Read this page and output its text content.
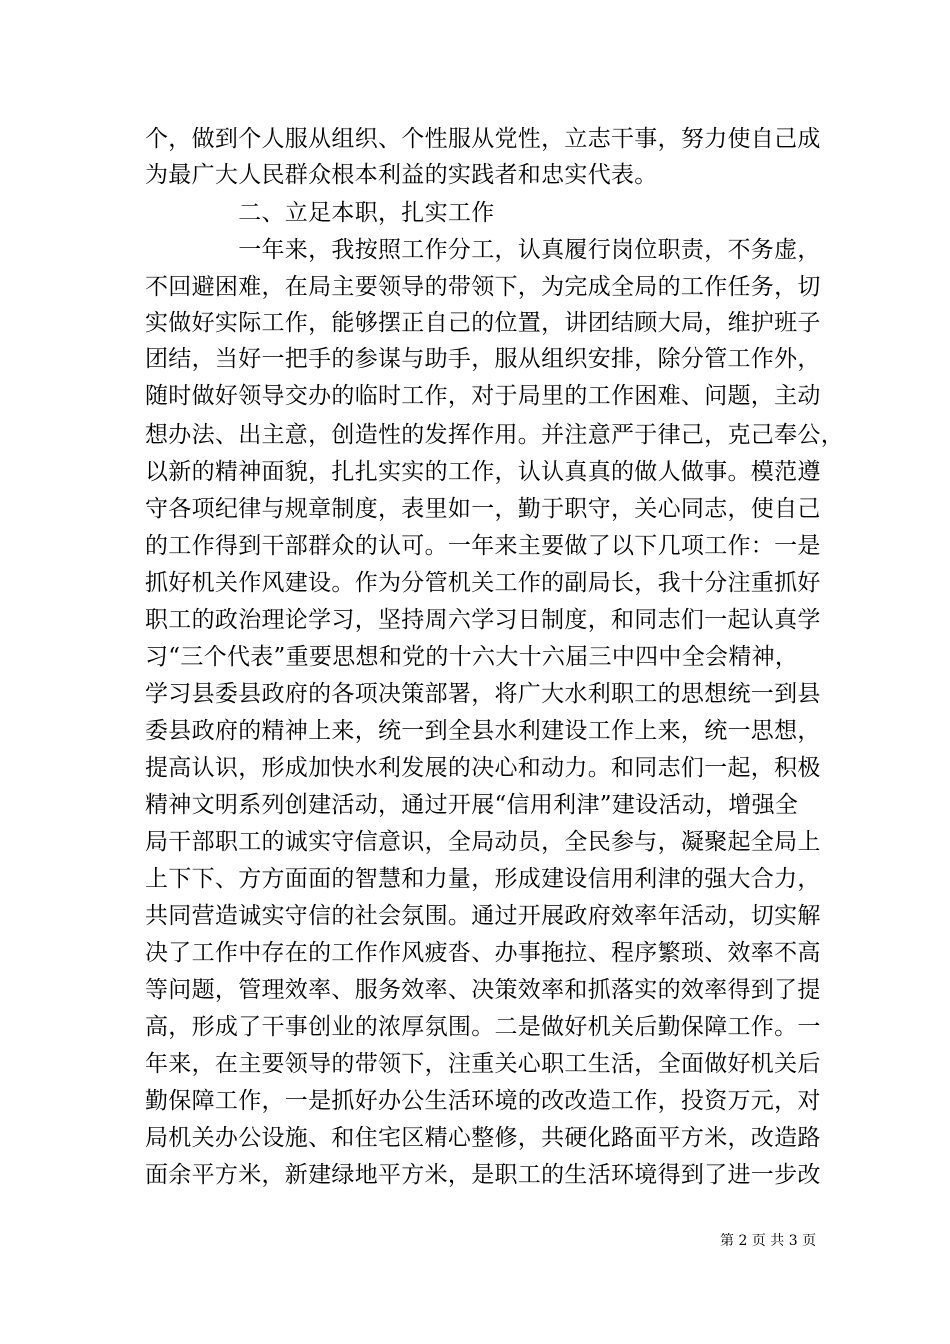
个，做到个人服从组织、个性服从党性，立志干事，努力使自己成
为最广大人民群众根本利益的实践者和忠实代表。
　　　　二、立足本职，扎实工作
　　　　一年来，我按照工作分工，认真履行岗位职责，不务虚，
不回避困难，在局主要领导的带领下，为完成全局的工作任务，切
实做好实际工作，能够摆正自己的位置，讲团结顾大局，维护班子
团结，当好一把手的参谋与助手，服从组织安排，除分管工作外，
随时做好领导交办的临时工作，对于局里的工作困难、问题，主动
想办法、出主意，创造性的发挥作用。并注意严于律己，克己奉公，
以新的精神面貌，扎扎实实的工作，认认真真的做人做事。模范遵
守各项纪律与规章制度，表里如一，勤于职守，关心同志，使自己
的工作得到干部群众的认可。一年来主要做了以下几项工作：一是
抓好机关作风建设。作为分管机关工作的副局长，我十分注重抓好
职工的政治理论学习，坚持周六学习日制度，和同志们一起认真学
习“三个代表”重要思想和党的十六大十六届三中四中全会精神，
学习县委县政府的各项决策部署，将广大水利职工的思想统一到县
委县政府的精神上来，统一到全县水利建设工作上来，统一思想，
提高认识，形成加快水利发展的决心和动力。和同志们一起，积极
精神文明系列创建活动，通过开展“信用利津”建设活动，增强全
局干部职工的诚实守信意识，全局动员，全民参与，凝聚起全局上
上下下、方方面面的智慧和力量，形成建设信用利津的强大合力，
共同营造诚实守信的社会氛围。通过开展政府效率年活动，切实解
决了工作中存在的工作作风疲沓、办事拖拉、程序繁琐、效率不高
等问题，管理效率、服务效率、决策效率和抓落实的效率得到了提
高，形成了干事创业的浓厚氛围。二是做好机关后勤保障工作。一
年来，在主要领导的带领下，注重关心职工生活，全面做好机关后
勤保障工作，一是抓好办公生活环境的改改造工作，投资万元，对
局机关办公设施、和住宅区精心整修，共硬化路面平方米，改造路
面余平方米，新建绿地平方米，是职工的生活环境得到了进一步改
第 2 页 共 3 页
